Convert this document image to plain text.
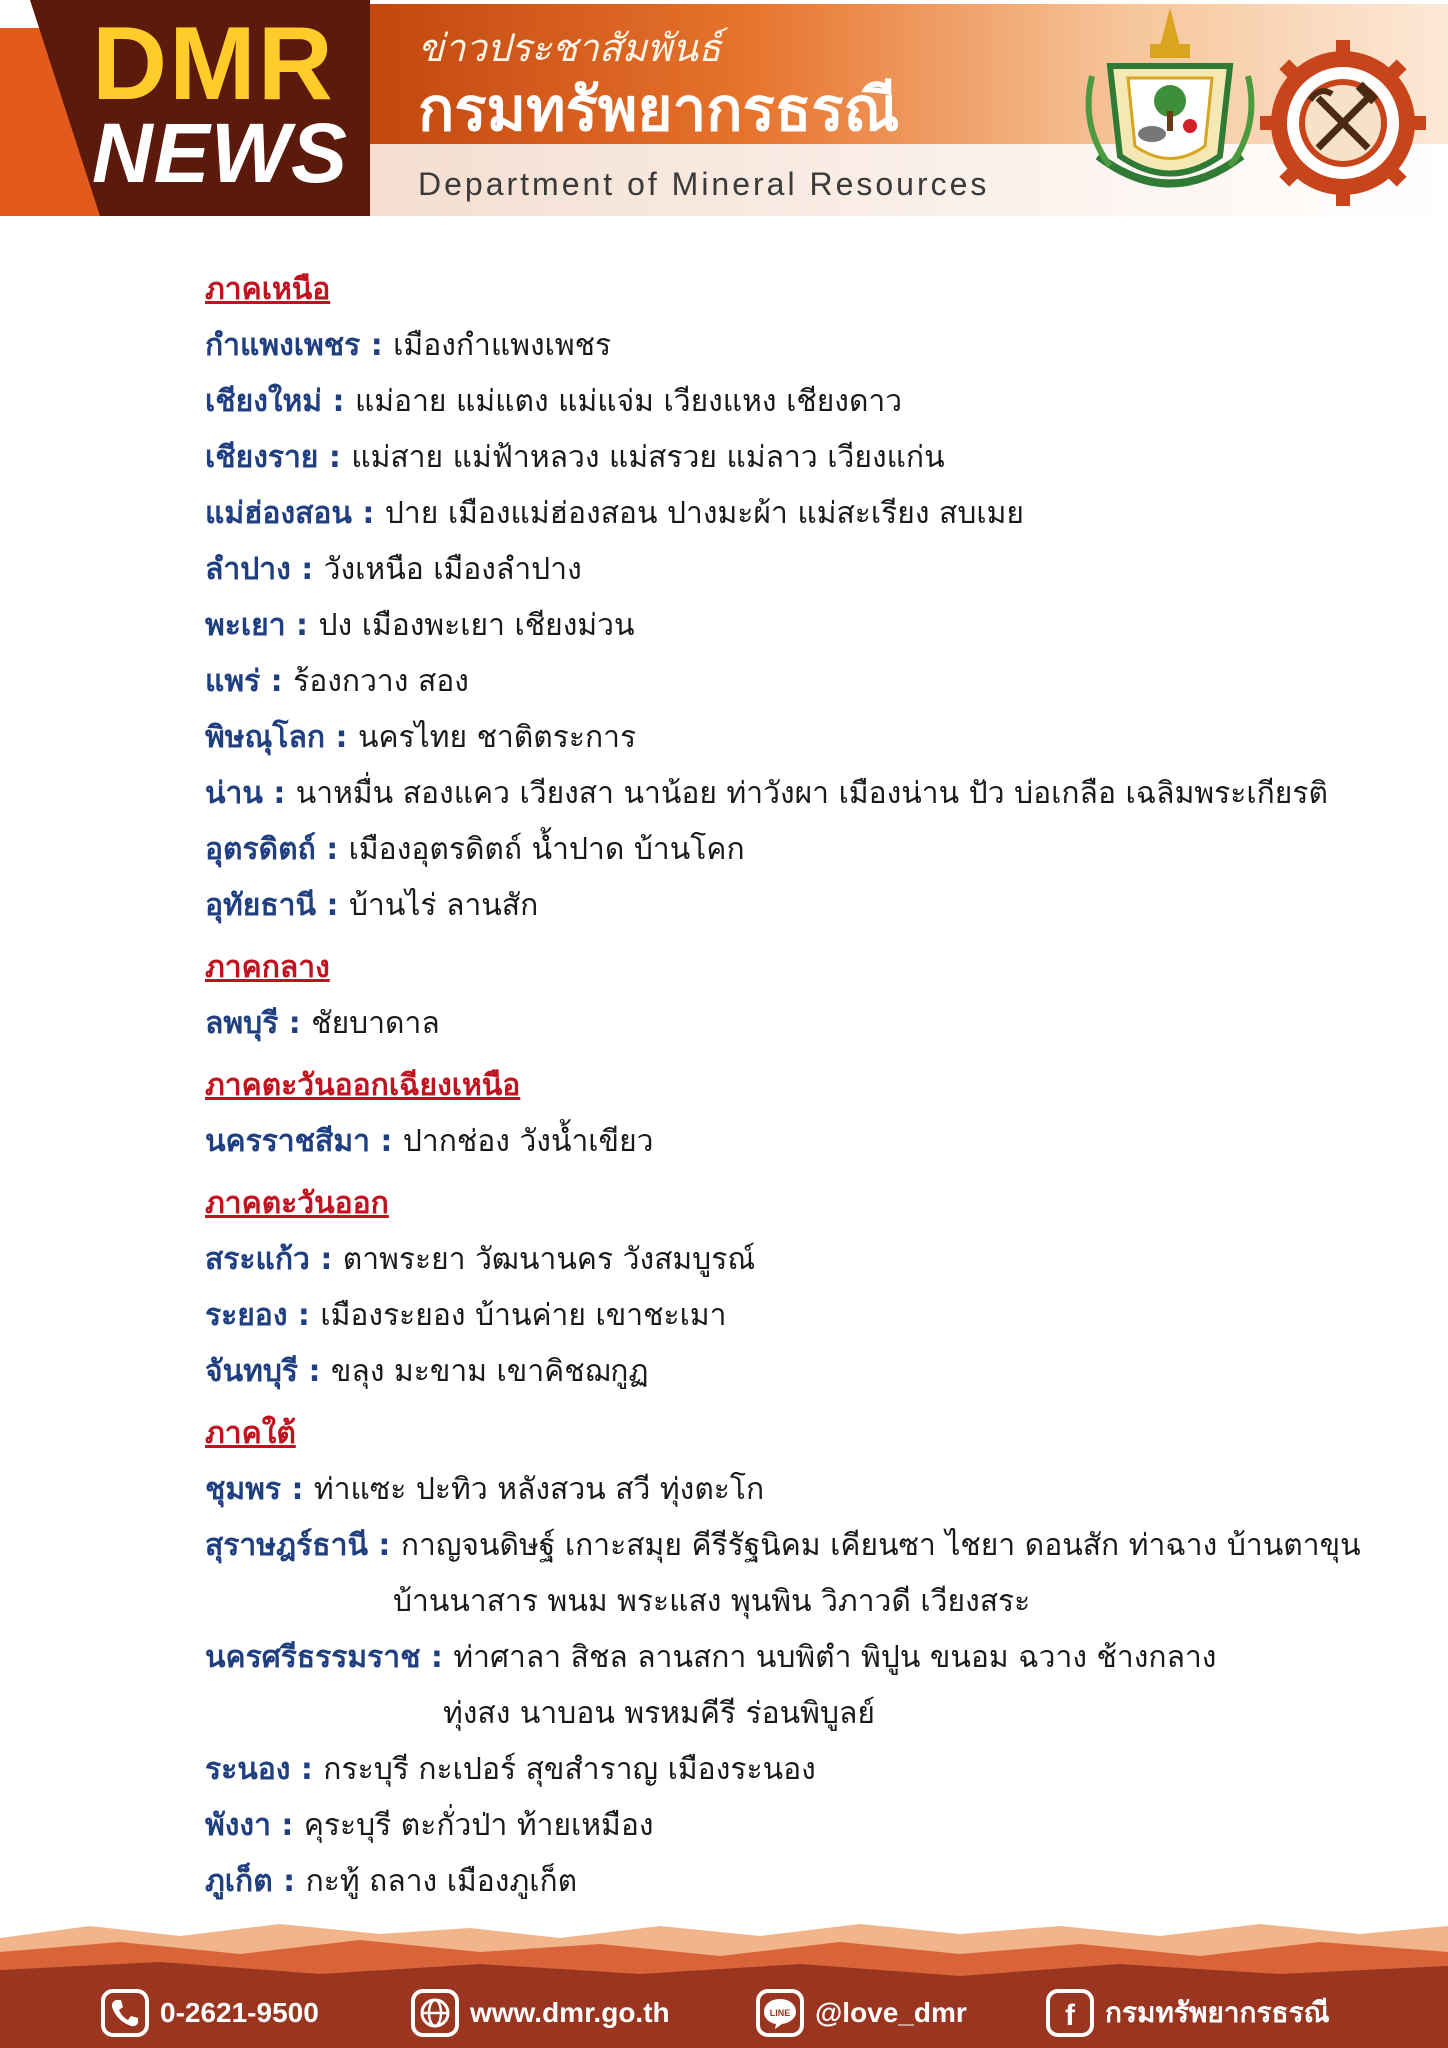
DMR
NEWS
ข่าวประชาสัมพันธ์
กรมทรัพยากรธรณี
Department of Mineral Resources
ภาคเหนือ
กำแพงเพชร : เมืองกำแพงเพชร
เชียงใหม่ : แม่อาย แม่แตง แม่แจ่ม เวียงแหง เชียงดาว
เชียงราย : แม่สาย แม่ฟ้าหลวง แม่สรวย แม่ลาว เวียงแก่น
แม่ฮ่องสอน : ปาย เมืองแม่ฮ่องสอน ปางมะผ้า แม่สะเรียง สบเมย
ลำปาง : วังเหนือ เมืองลำปาง
พะเยา : ปง เมืองพะเยา เชียงม่วน
แพร่ : ร้องกวาง สอง
พิษณุโลก : นครไทย ชาติตระการ
น่าน : นาหมื่น สองแคว เวียงสา นาน้อย ท่าวังผา เมืองน่าน ปัว บ่อเกลือ เฉลิมพระเกียรติ
อุตรดิตถ์ : เมืองอุตรดิตถ์ น้ำปาด บ้านโคก
อุทัยธานี : บ้านไร่ ลานสัก
ภาคกลาง
ลพบุรี : ชัยบาดาล
ภาคตะวันออกเฉียงเหนือ
นครราชสีมา : ปากช่อง วังน้ำเขียว
ภาคตะวันออก
สระแก้ว : ตาพระยา วัฒนานคร วังสมบูรณ์
ระยอง : เมืองระยอง บ้านค่าย เขาชะเมา
จันทบุรี : ขลุง มะขาม เขาคิชฌกูฏ
ภาคใต้
ชุมพร : ท่าแซะ ปะทิว หลังสวน สวี ทุ่งตะโก
สุราษฎร์ธานี : กาญจนดิษฐ์ เกาะสมุย คีรีรัฐนิคม เคียนซา ไชยา ดอนสัก ท่าฉาง บ้านตาขุน
บ้านนาสาร พนม พระแสง พุนพิน วิภาวดี เวียงสระ
นครศรีธรรมราช : ท่าศาลา สิชล ลานสกา นบพิตำ พิปูน ขนอม ฉวาง ช้างกลาง
ทุ่งสง นาบอน พรหมคีรี ร่อนพิบูลย์
ระนอง : กระบุรี กะเปอร์ สุขสำราญ เมืองระนอง
พังงา : คุระบุรี ตะกั่วป่า ท้ายเหมือง
ภูเก็ต : กะทู้ ถลาง เมืองภูเก็ต
0-2621-9500	www.dmr.go.th	LINE @love_dmr	f กรมทรัพยากรธรณี
